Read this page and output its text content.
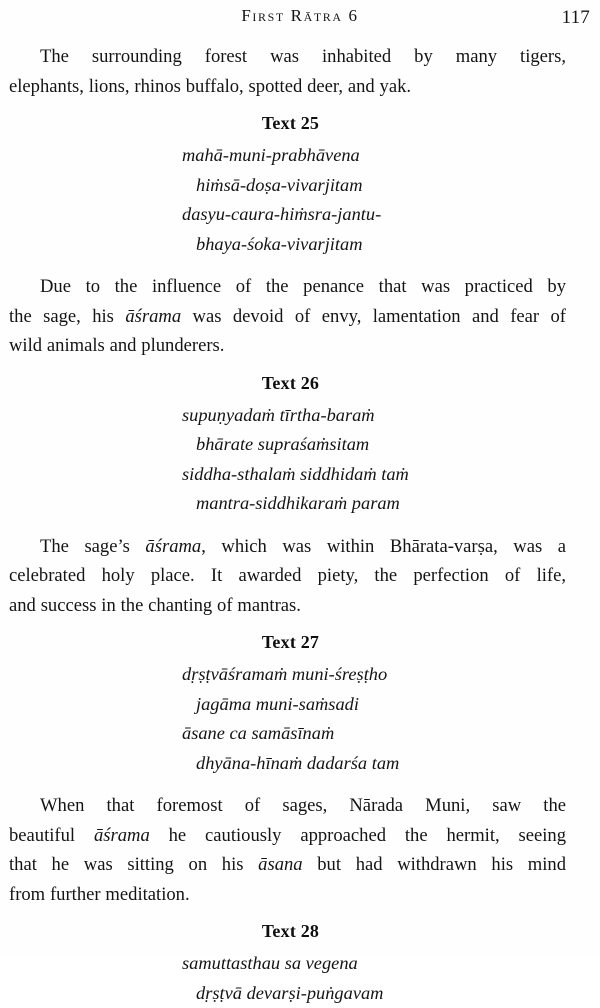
First Rātra 6	117

The surrounding forest was inhabited by many tigers,
elephants, lions, rhinos buffalo, spotted deer, and yak.

Text 25
mahā-muni-prabhāvena
hiṁsā-doṣa-vivarjitam
dasyu-caura-hiṁsra-jantu-
bhaya-śoka-vivarjitam

Due to the influence of the penance that was practiced by
the sage, his āśrama was devoid of envy, lamentation and fear of
wild animals and plunderers.

Text 26
supuṇyadaṁ tīrtha-baraṁ
bhārate supraśaṁsitam
siddha-sthalaṁ siddhidaṁ taṁ
mantra-siddhikaraṁ param

The sage’s āśrama, which was within Bhārata-varṣa, was a
celebrated holy place. It awarded piety, the perfection of life,
and success in the chanting of mantras.

Text 27
dṛṣṭvāśramaṁ muni-śreṣṭho
jagāma muni-saṁsadi
āsane ca samāsīnaṁ
dhyāna-hīnaṁ dadarśa tam

When that foremost of sages, Nārada Muni, saw the
beautiful āśrama he cautiously approached the hermit, seeing
that he was sitting on his āsana but had withdrawn his mind
from further meditation.

Text 28
samuttasthau sa vegena
dṛṣṭvā devarṣi-puṅgavam
